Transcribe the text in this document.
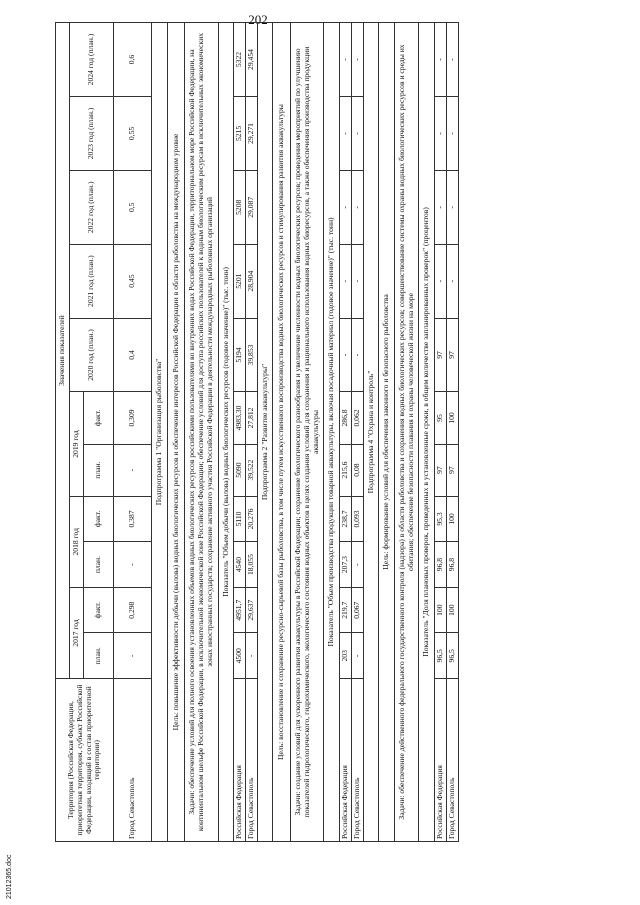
202
Территория (Российская Федерация, приоритетная территория, субъект Российской Федерации, входящий в состав приоритетной территории)	Значения показателей										
	2017 год		2018 год		2019 год		2020 год (план.)	2021 год (план.)	2022 год (план.)	2023 год (план.)	2024 год (план.)
	план.	факт.	план.	факт.	план.	факт.					
Город Севастополь	-	0,298	-	0,387	-	0,309	0,4	0,45	0,5	0,55	0,6
Подпрограмма 1 "Организация рыболовства"											
Цель: повышение эффективности добычи (вылова) водных биологических ресурсов и обеспечение интересов Российской Федерации в области рыболовства на международном уровне											
Задачи: обеспечение условий для полного освоения установленных объемов водных биологических ресурсов российскими пользователями во внутренних водах Российской Федерации, территориальном море Российской Федерации, на континентальном шельфе Российской Федерации, в исключительной экономической зоне Российской Федерации; обеспечение условий для доступа российских пользователей к водным биологическим ресурсам в исключительных экономических зонах иностранных государств; сохранение активного участия Российской Федерации в деятельности международных рыболовных организаций											
Показатель "Объем добычи (вылова) водных биологических ресурсов (годовое значение)" (тыс. тонн)											
Российская Федерация	4500	4951,7	4540	5110	5090	4983,30	5194	5201	5208	5215	5322
Город Севастополь	-	29,637	18,055	20,276	39,522	27,812	39,853	28,904	29,087	29,271	29,454
Подпрограмма 2 "Развитие аквакультуры"											
Цель: восстановление и сохранение ресурсно-сырьевой базы рыболовства, в том числе путем искусственного воспроизводства водных биологических ресурсов и стимулирования развития аквакультуры											
Задачи: создание условий для ускоренного развития аквакультуры в Российской Федерации; сохранение биологического разнообразия и увеличение численности водных биологических ресурсов; проведения мероприятий по улучшению показателей гидрологического, гидрохимического, экологического состояния водных объектов в целях создания условий для сохранения и рационального использования водных биоресурсов, а также обеспечения производства продукции аквакультуры											
Показатель "Объем производства продукции товарной аквакультуры, включая посадочный материал (годовое значение)" (тыс. тонн)											
Российская Федерация	203	219,7	207,3	238,7	215,6	286,8	-	-	-	-	-
Город Севастополь	-	0,067	-	0,093	0,08	0,062	-	-	-	-	-
Подпрограмма 4 "Охрана и контроль"											
Цель: формирование условий для обеспечения законного и безопасного рыболовства											
Задачи: обеспечение действенного федерального государственного контроля (надзора) в области рыболовства и сохранения водных биологических ресурсов; совершенствование системы охраны водных биологических ресурсов и среды их обитания; обеспечение безопасности плавания и охраны человеческой жизни на море											
Показатель "Доля плановых проверок, проведенных в установленные сроки, в общем количестве запланированных проверок" (процентов)											
Российская Федерация	96,5	100	96,8	95,3	97	95	97	-	-	-	-
Город Севастополь	96,5	100	96,8	100	97	100	97	-	-	-	-
21012365.doc
